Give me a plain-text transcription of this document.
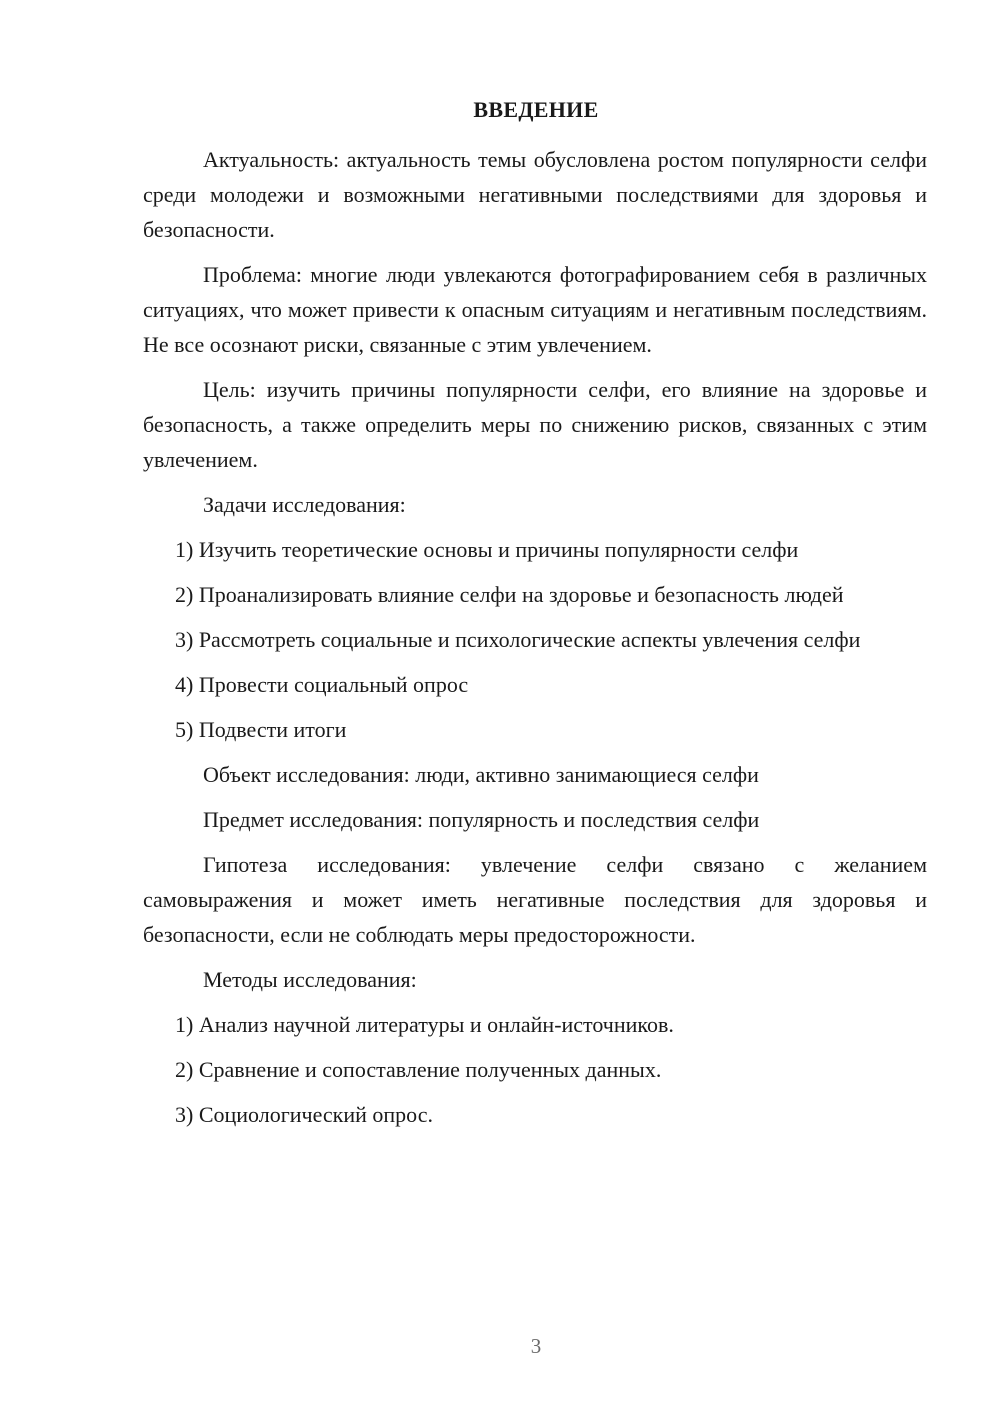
ВВЕДЕНИЕ

Актуальность: актуальность темы обусловлена ростом популярности селфи среди молодежи и возможными негативными последствиями для здоровья и безопасности.

Проблема: многие люди увлекаются фотографированием себя в различных ситуациях, что может привести к опасным ситуациям и негативным последствиям. Не все осознают риски, связанные с этим увлечением.

Цель: изучить причины популярности селфи, его влияние на здоровье и безопасность, а также определить меры по снижению рисков, связанных с этим увлечением.

Задачи исследования:

1) Изучить теоретические основы и причины популярности селфи

2) Проанализировать влияние селфи на здоровье и безопасность людей

3) Рассмотреть социальные и психологические аспекты увлечения селфи

4) Провести социальный опрос

5) Подвести итоги

Объект исследования: люди, активно занимающиеся селфи

Предмет исследования: популярность и последствия селфи

Гипотеза исследования: увлечение селфи связано с желанием самовыражения и может иметь негативные последствия для здоровья и безопасности, если не соблюдать меры предосторожности.

Методы исследования:

1) Анализ научной литературы и онлайн-источников.

2) Сравнение и сопоставление полученных данных.

3) Социологический опрос.

3
